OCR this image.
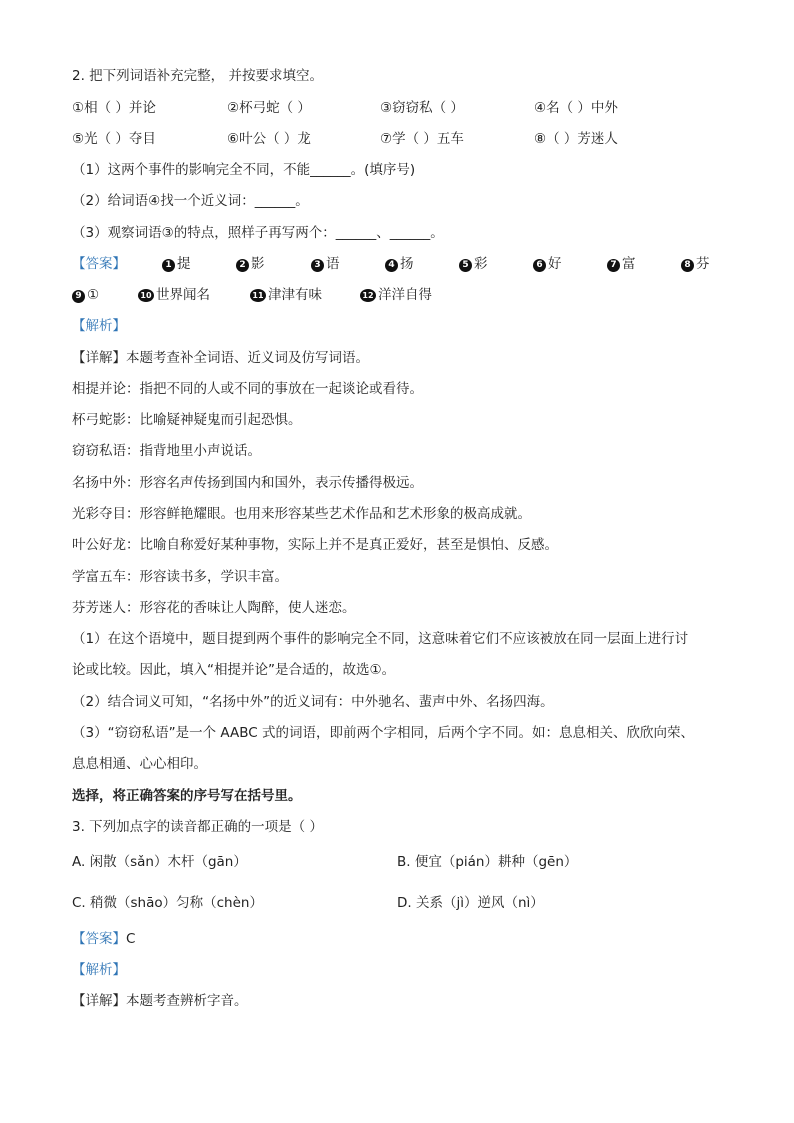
2. 把下列词语补充完整， 并按要求填空。
①相（ ）并论	②杯弓蛇（ ）	③窃窃私（ ）	④名（ ）中外
⑤光（ ）夺目	⑥叶公（ ）龙	⑦学（ ）五车	⑧（ ）芳迷人
（1）这两个事件的影响完全不同，不能______。(填序号)
（2）给词语④找一个近义词：______。
（3）观察词语③的特点，照样子再写两个：______、______。
【答案】	1 提	2 影	3 语	4 扬	5 彩	6 好	7 富	8 芬
9 ①	10 世界闻名	11 津津有味	12 洋洋自得
【解析】
【详解】本题考查补全词语、近义词及仿写词语。
相提并论：指把不同的人或不同的事放在一起谈论或看待。
杯弓蛇影：比喻疑神疑鬼而引起恐惧。
窃窃私语：指背地里小声说话。
名扬中外：形容名声传扬到国内和国外，表示传播得极远。
光彩夺目：形容鲜艳耀眼。也用来形容某些艺术作品和艺术形象的极高成就。
叶公好龙：比喻自称爱好某种事物，实际上并不是真正爱好，甚至是惧怕、反感。
学富五车：形容读书多，学识丰富。
芬芳迷人：形容花的香味让人陶醉，使人迷恋。
（1）在这个语境中，题目提到两个事件的影响完全不同，这意味着它们不应该被放在同一层面上进行讨
论或比较。因此，填入“相提并论”是合适的，故选①。
（2）结合词义可知，“名扬中外”的近义词有：中外驰名、蜚声中外、名扬四海。
（3）“窃窃私语”是一个 AABC 式的词语，即前两个字相同，后两个字不同。如：息息相关、欣欣向荣、
息息相通、心心相印。
选择，将正确答案的序号写在括号里。
3. 下列加点字的读音都正确的一项是（ ）
A. 闲散（sǎn）木杆（gān）	B. 便宜（pián）耕种（gēn）
C. 稍微（shāo）匀称（chèn）	D. 关系（jì）逆风（nì）
【答案】C
【解析】
【详解】本题考查辨析字音。
